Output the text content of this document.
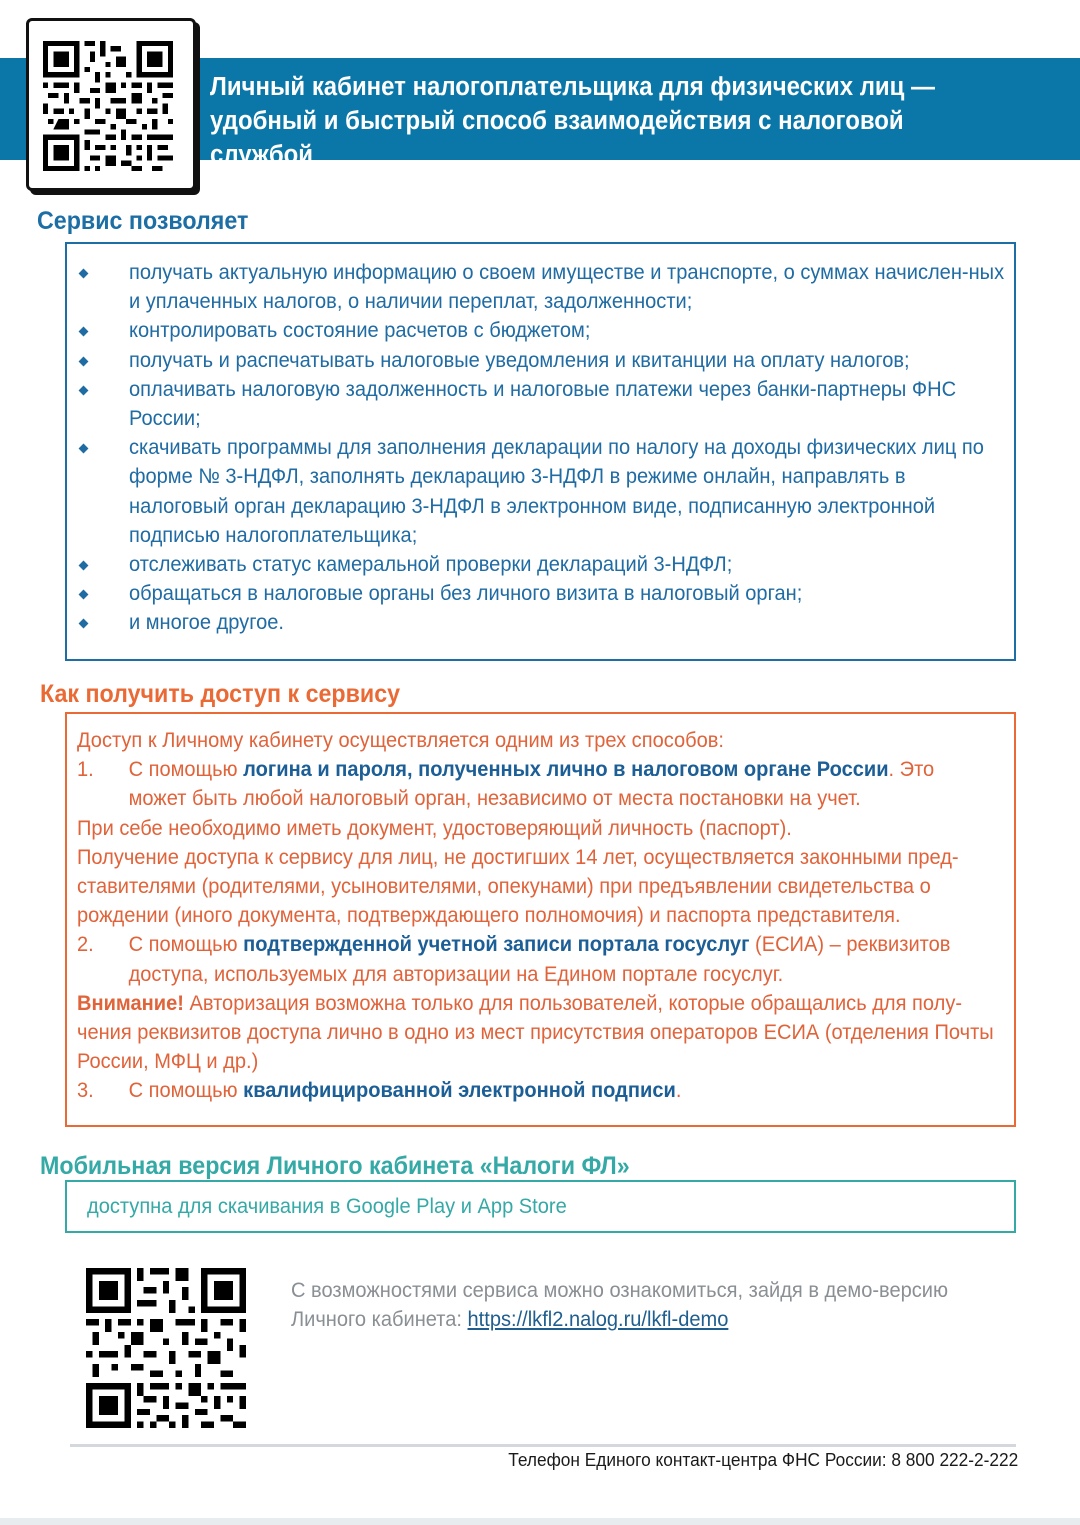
Личный кабинет налогоплательщика для физических лиц —
удобный и быстрый способ взаимодействия с налоговой службой
Сервис позволяет
получать актуальную информацию о своем имуществе и транспорте, о суммах начислен-ных и уплаченных налогов, о наличии переплат, задолженности;
контролировать состояние расчетов с бюджетом;
получать и распечатывать налоговые уведомления и квитанции на оплату налогов;
оплачивать налоговую задолженность и налоговые платежи через банки-партнеры ФНС России;
скачивать программы для заполнения декларации по налогу на доходы физических лиц по форме № 3-НДФЛ, заполнять декларацию 3-НДФЛ в режиме онлайн, направлять в налоговый орган декларацию 3-НДФЛ в электронном виде, подписанную электронной подписью налогоплательщика;
отслеживать статус камеральной проверки деклараций 3-НДФЛ;
обращаться в налоговые органы без личного визита в налоговый орган;
и многое другое.
Как получить доступ к сервису

Доступ к Личному кабинету осуществляется одним из трех способов:

1. С помощью логина и пароля, полученных лично в налоговом органе России. Это

может быть любой налоговый орган, независимо от места постановки на учет.

При себе необходимо иметь документ, удостоверяющий личность (паспорт).

Получение доступа к сервису для лиц, не достигших 14 лет, осуществляется законными пред-ставителями (родителями, усыновителями, опекунами) при предъявлении свидетельства о рождении (иного документа, подтверждающего полномочия) и паспорта представителя.

2. С помощью подтвержденной учетной записи портала госуслуг (ЕСИА) – реквизитов

доступа, используемых для авторизации на Едином портале госуслуг.

Внимание! Авторизация возможна только для пользователей, которые обращались для полу-чения реквизитов доступа лично в одно из мест присутствия операторов ЕСИА (отделения Почты России, МФЦ и др.)

3. С помощью квалифицированной электронной подписи.

Мобильная версия Личного кабинета «Налоги ФЛ»
доступна для скачивания в Google Play и App Store
С возможностями сервиса можно ознакомиться, зайдя в демо-версию
Личного кабинета: https://lkfl2.nalog.ru/lkfl-demo
Телефон Единого контакт-центра ФНС России: 8 800 222-2-222
